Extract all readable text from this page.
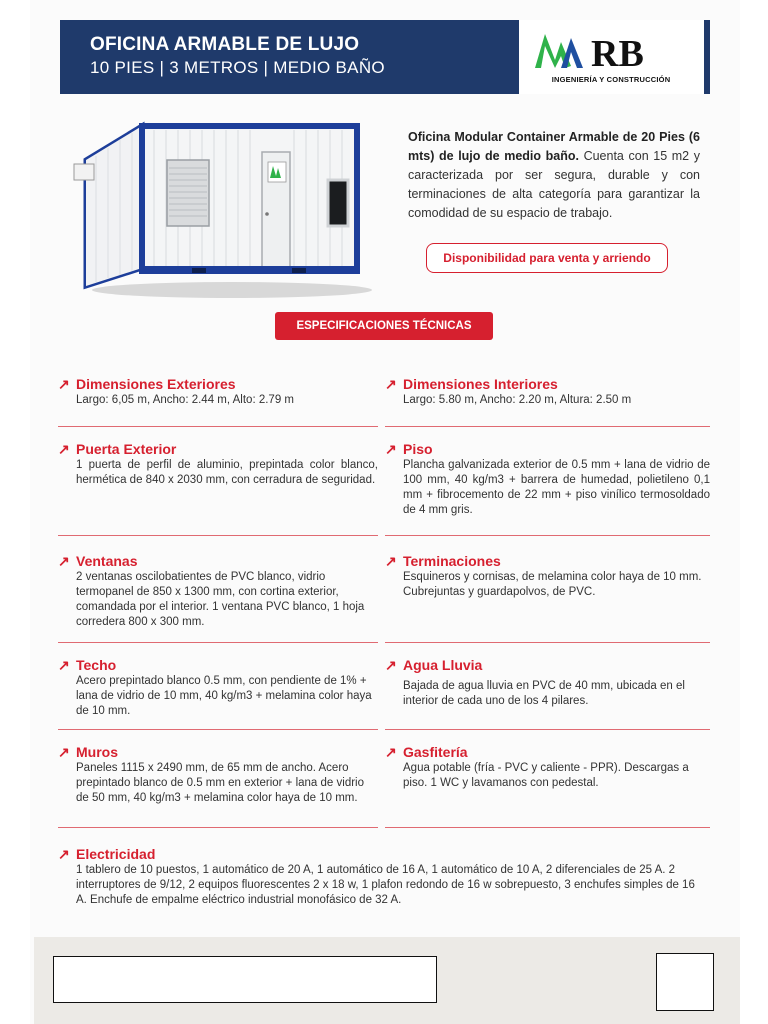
OFICINA ARMABLE DE LUJO
10 PIES | 3 METROS | MEDIO BAÑO	RB
INGENIERÍA Y CONSTRUCCIÓN
Oficina Modular Container Armable de 20 Pies (6 mts) de lujo de medio baño. Cuenta con 15 m2 y caracterizada por ser segura, durable y con terminaciones de alta categoría para garantizar la comodidad de su espacio de trabajo.
Disponibilidad para venta y arriendo
ESPECIFICACIONES TÉCNICAS
↗ Dimensiones Exteriores
Largo: 6,05 m, Ancho: 2.44 m, Alto: 2.79 m
↗ Dimensiones Interiores
Largo: 5.80 m, Ancho: 2.20 m, Altura: 2.50 m
↗ Puerta Exterior
1 puerta de perfil de aluminio, prepintada color blanco, hermética de 840 x 2030 mm, con cerradura de seguridad.
↗ Piso
Plancha galvanizada exterior de 0.5 mm + lana de vidrio de 100 mm, 40 kg/m3 + barrera de humedad, polietileno 0,1 mm + fibrocemento de 22 mm + piso vinílico termosoldado de 4 mm gris.
↗ Ventanas
2 ventanas oscilobatientes de PVC blanco, vidrio termopanel de 850 x 1300 mm, con cortina exterior, comandada por el interior. 1 ventana PVC blanco, 1 hoja corredera 800 x 300 mm.
↗ Terminaciones
Esquineros y cornisas, de melamina color haya de 10 mm. Cubrejuntas y guardapolvos, de PVC.
↗ Techo
Acero prepintado blanco 0.5 mm, con pendiente de 1% + lana de vidrio de 10 mm, 40 kg/m3 + melamina color haya de 10 mm.
↗ Agua Lluvia
Bajada de agua lluvia en PVC de 40 mm, ubicada en el interior de cada uno de los 4 pilares.
↗ Muros
Paneles 1115 x 2490 mm, de 65 mm de ancho. Acero prepintado blanco de 0.5 mm en exterior + lana de vidrio de 50 mm, 40 kg/m3 + melamina color haya de 10 mm.
↗ Gasfitería
Agua potable (fría - PVC y caliente - PPR). Descargas a piso. 1 WC y lavamanos con pedestal.
↗ Electricidad
1 tablero de 10 puestos, 1 automático de 20 A, 1 automático de 16 A, 1 automático de 10 A, 2 diferenciales de 25 A. 2 interruptores de 9/12, 2 equipos fluorescentes 2 x 18 w, 1 plafon redondo de 16 w sobrepuesto, 3 enchufes simples de 16 A. Enchufe de empalme eléctrico industrial monofásico de 32 A.
